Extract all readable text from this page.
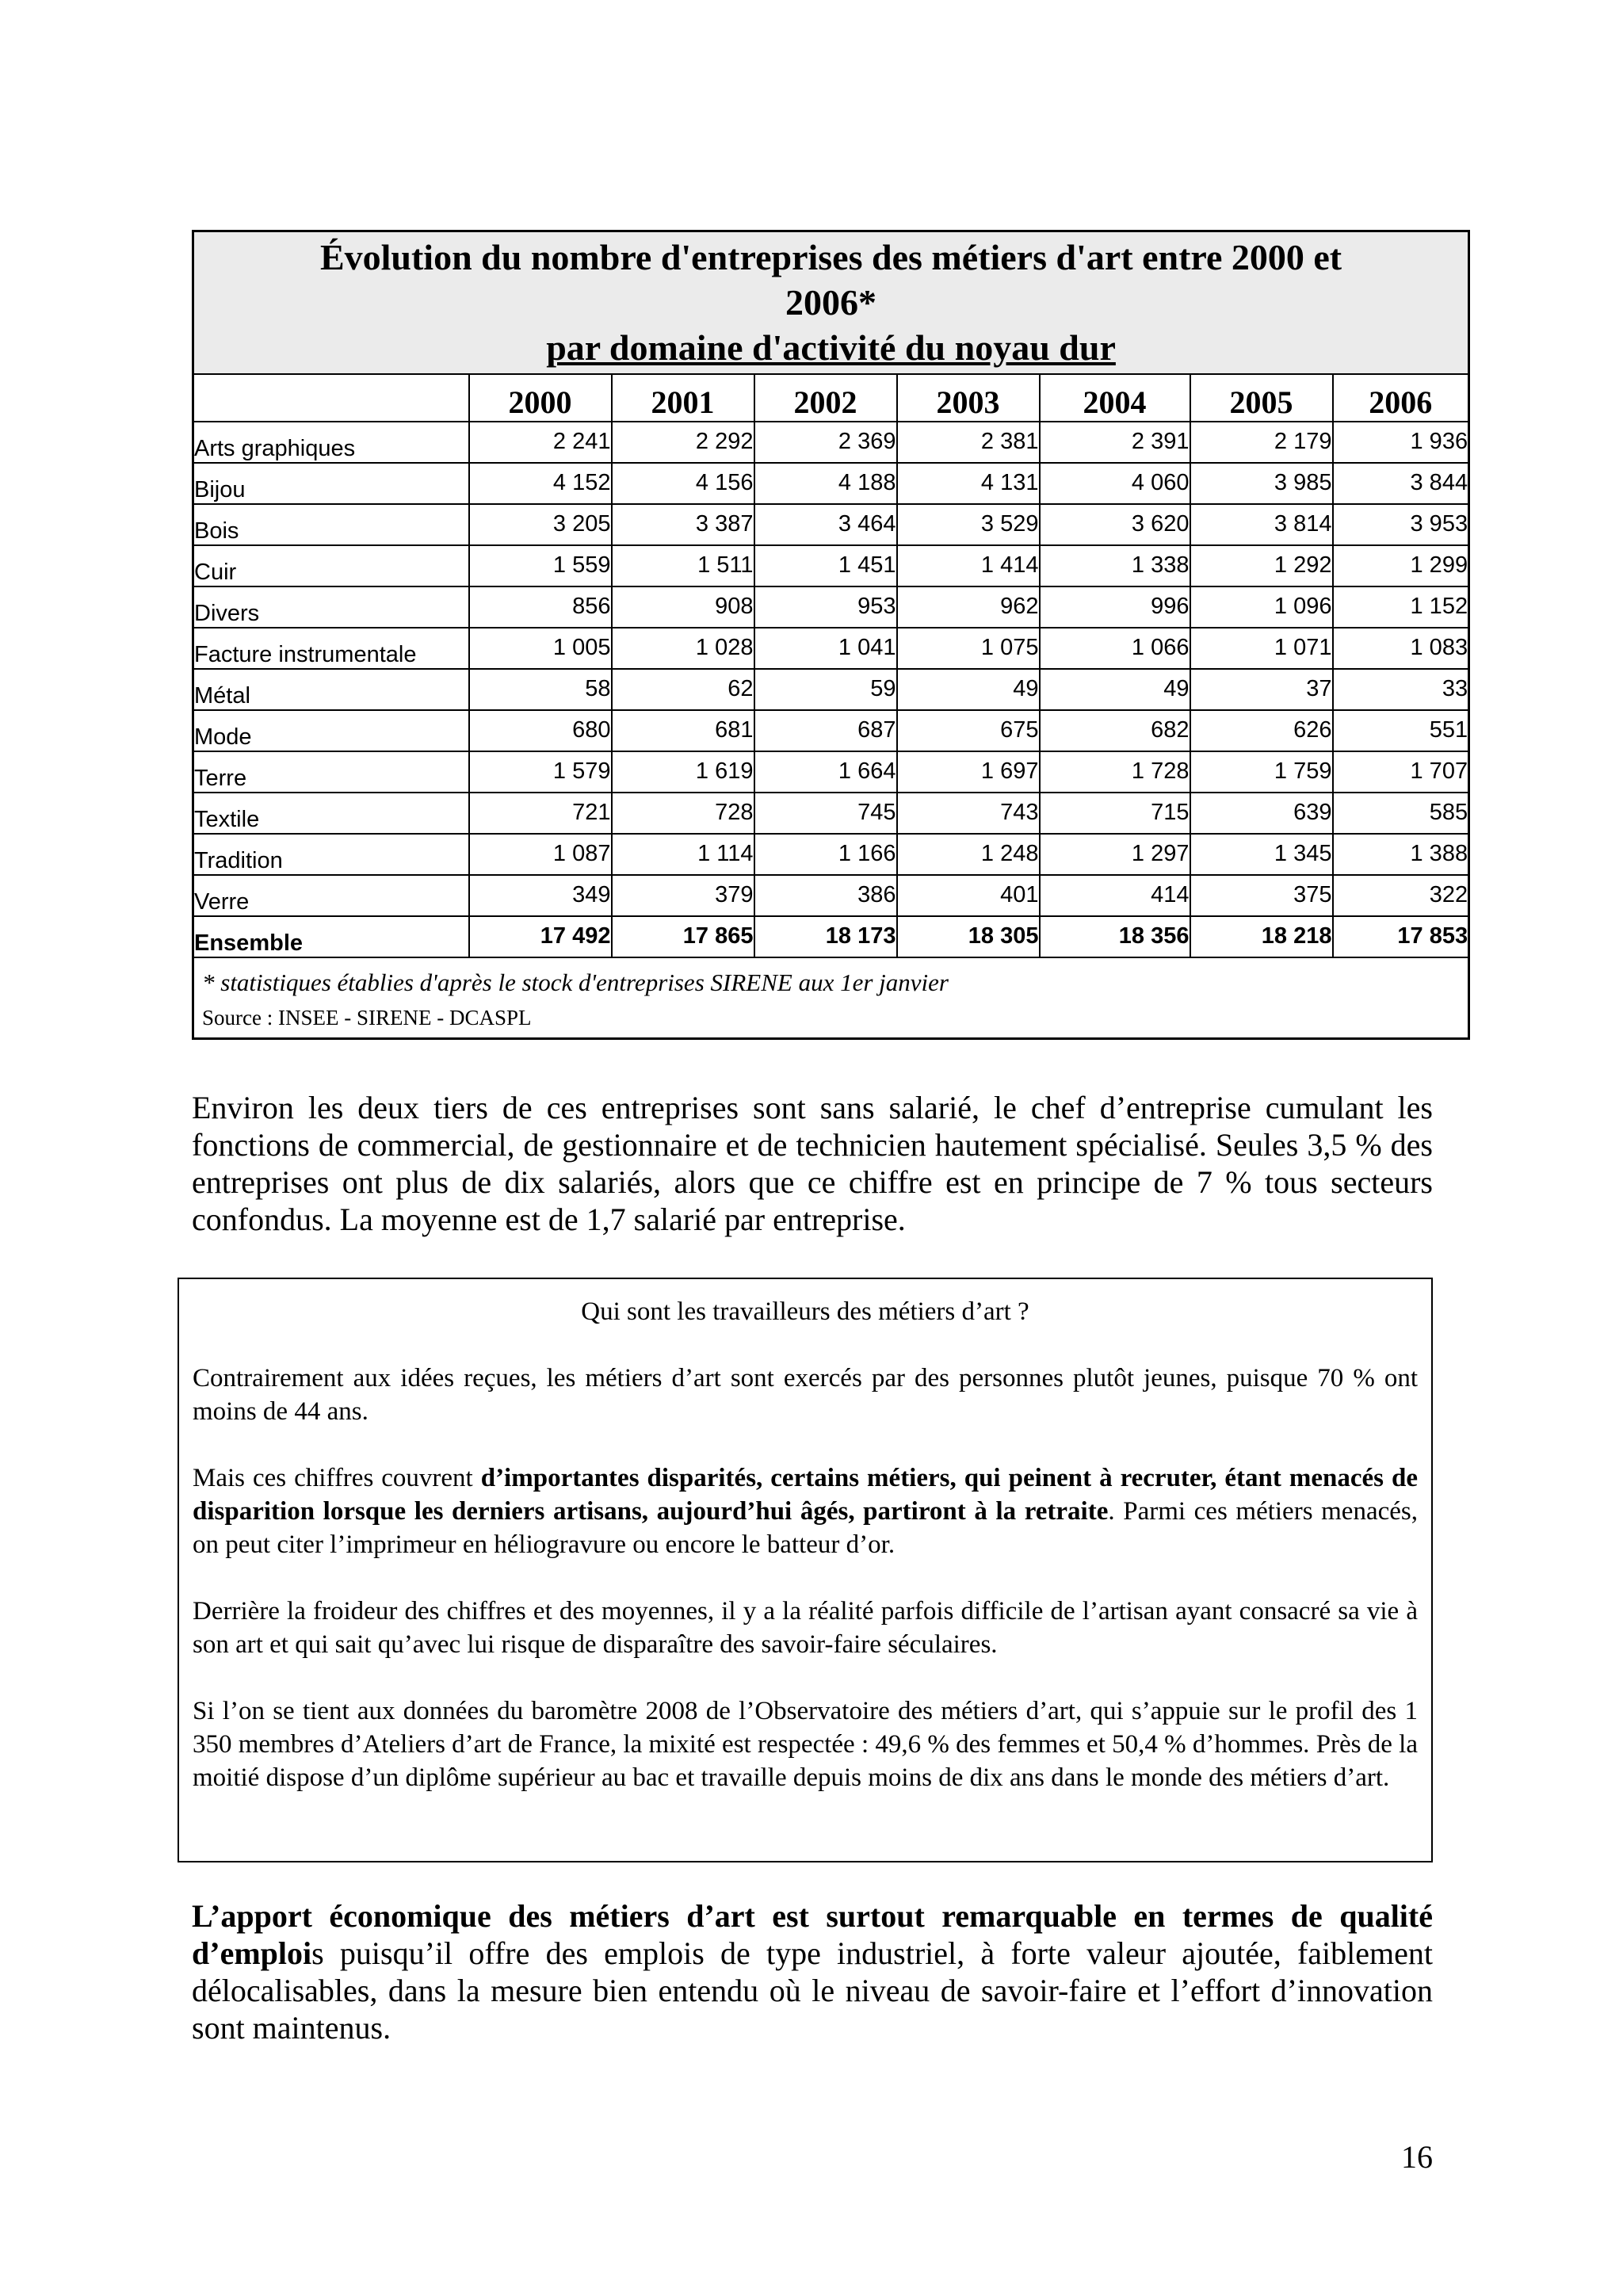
Évolution du nombre d'entreprises des métiers d'art entre 2000 et
2006*
par domaine d'activité du noyau dur							

	2000	2001	2002	2003	2004	2005	2006
Arts graphiques	2 241	2 292	2 369	2 381	2 391	2 179	1 936
Bijou	4 152	4 156	4 188	4 131	4 060	3 985	3 844
Bois	3 205	3 387	3 464	3 529	3 620	3 814	3 953
Cuir	1 559	1 511	1 451	1 414	1 338	1 292	1 299
Divers	856	908	953	962	996	1 096	1 152
Facture instrumentale	1 005	1 028	1 041	1 075	1 066	1 071	1 083
Métal	58	62	59	49	49	37	33
Mode	680	681	687	675	682	626	551
Terre	1 579	1 619	1 664	1 697	1 728	1 759	1 707
Textile	721	728	745	743	715	639	585
Tradition	1 087	1 114	1 166	1 248	1 297	1 345	1 388
Verre	349	379	386	401	414	375	322
Ensemble	17 492	17 865	18 173	18 305	18 356	18 218	17 853

* statistiques établies d'après le stock d'entreprises SIRENE aux 1er janvier
Source : INSEE - SIRENE - DCASPL							
Environ les deux tiers de ces entreprises sont sans salarié, le chef d’entreprise cumulant les fonctions de commercial, de gestionnaire et de technicien hautement spécialisé. Seules 3,5 % des entreprises ont plus de dix salariés, alors que ce chiffre est en principe de 7 % tous secteurs confondus. La moyenne est de 1,7 salarié par entreprise.
Qui sont les travailleurs des métiers d’art ?

Contrairement aux idées reçues, les métiers d’art sont exercés par des personnes plutôt jeunes, puisque 70 % ont moins de 44 ans.

Mais ces chiffres couvrent d’importantes disparités, certains métiers, qui peinent à recruter, étant menacés de disparition lorsque les derniers artisans, aujourd’hui âgés, partiront à la retraite. Parmi ces métiers menacés, on peut citer l’imprimeur en héliogravure ou encore le batteur d’or.

Derrière la froideur des chiffres et des moyennes, il y a la réalité parfois difficile de l’artisan ayant consacré sa vie à son art et qui sait qu’avec lui risque de disparaître des savoir-faire séculaires.

Si l’on se tient aux données du baromètre 2008 de l’Observatoire des métiers d’art, qui s’appuie sur le profil des 1 350 membres d’Ateliers d’art de France, la mixité est respectée : 49,6 % des femmes et 50,4 % d’hommes. Près de la moitié dispose d’un diplôme supérieur au bac et travaille depuis moins de dix ans dans le monde des métiers d’art.

L’apport économique des métiers d’art est surtout remarquable en termes de qualité d’emplois puisqu’il offre des emplois de type industriel, à forte valeur ajoutée, faiblement délocalisables, dans la mesure bien entendu où le niveau de savoir-faire et l’effort d’innovation sont maintenus.
16
